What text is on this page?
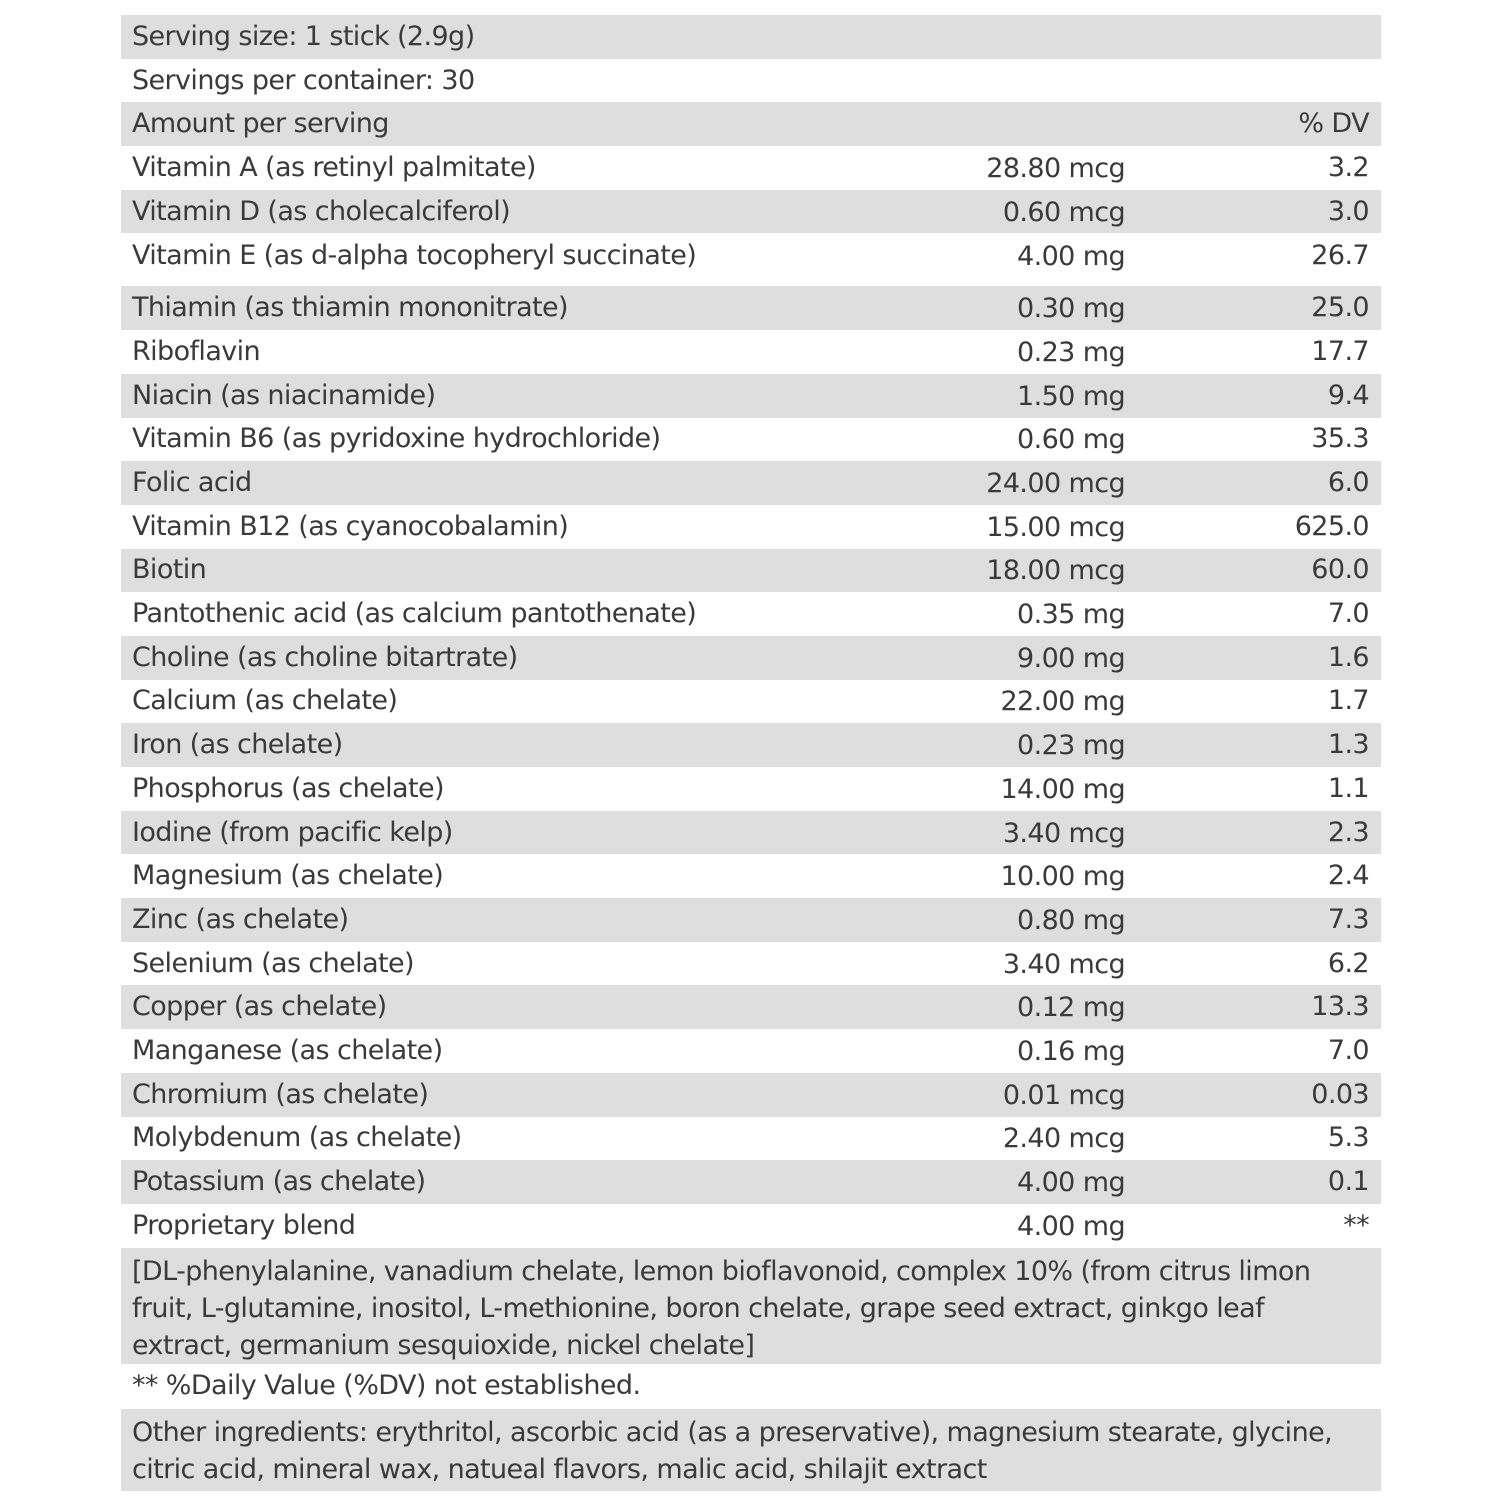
Serving size: 1 stick (2.9g)
Servings per container: 30
Amount per serving	% DV
Vitamin A (as retinyl palmitate)	28.80 mcg	3.2
Vitamin D (as cholecalciferol)	0.60 mcg	3.0
Vitamin E (as d-alpha tocopheryl succinate)	4.00 mg	26.7
Thiamin (as thiamin mononitrate)	0.30 mg	25.0
Riboflavin	0.23 mg	17.7
Niacin (as niacinamide)	1.50 mg	9.4
Vitamin B6 (as pyridoxine hydrochloride)	0.60 mg	35.3
Folic acid	24.00 mcg	6.0
Vitamin B12 (as cyanocobalamin)	15.00 mcg	625.0
Biotin	18.00 mcg	60.0
Pantothenic acid (as calcium pantothenate)	0.35 mg	7.0
Choline (as choline bitartrate)	9.00 mg	1.6
Calcium (as chelate)	22.00 mg	1.7
Iron (as chelate)	0.23 mg	1.3
Phosphorus (as chelate)	14.00 mg	1.1
Iodine (from pacific kelp)	3.40 mcg	2.3
Magnesium (as chelate)	10.00 mg	2.4
Zinc (as chelate)	0.80 mg	7.3
Selenium (as chelate)	3.40 mcg	6.2
Copper (as chelate)	0.12 mg	13.3
Manganese (as chelate)	0.16 mg	7.0
Chromium (as chelate)	0.01 mcg	0.03
Molybdenum (as chelate)	2.40 mcg	5.3
Potassium (as chelate)	4.00 mg	0.1
Proprietary blend	4.00 mg	**
[DL-phenylalanine, vanadium chelate, lemon bioflavonoid, complex 10% (from citrus limon fruit, L-glutamine, inositol, L-methionine, boron chelate, grape seed extract, ginkgo leaf extract, germanium sesquioxide, nickel chelate]
** %Daily Value (%DV) not established.
Other ingredients: erythritol, ascorbic acid (as a preservative), magnesium stearate, glycine, citric acid, mineral wax, natueal flavors, malic acid, shilajit extract
